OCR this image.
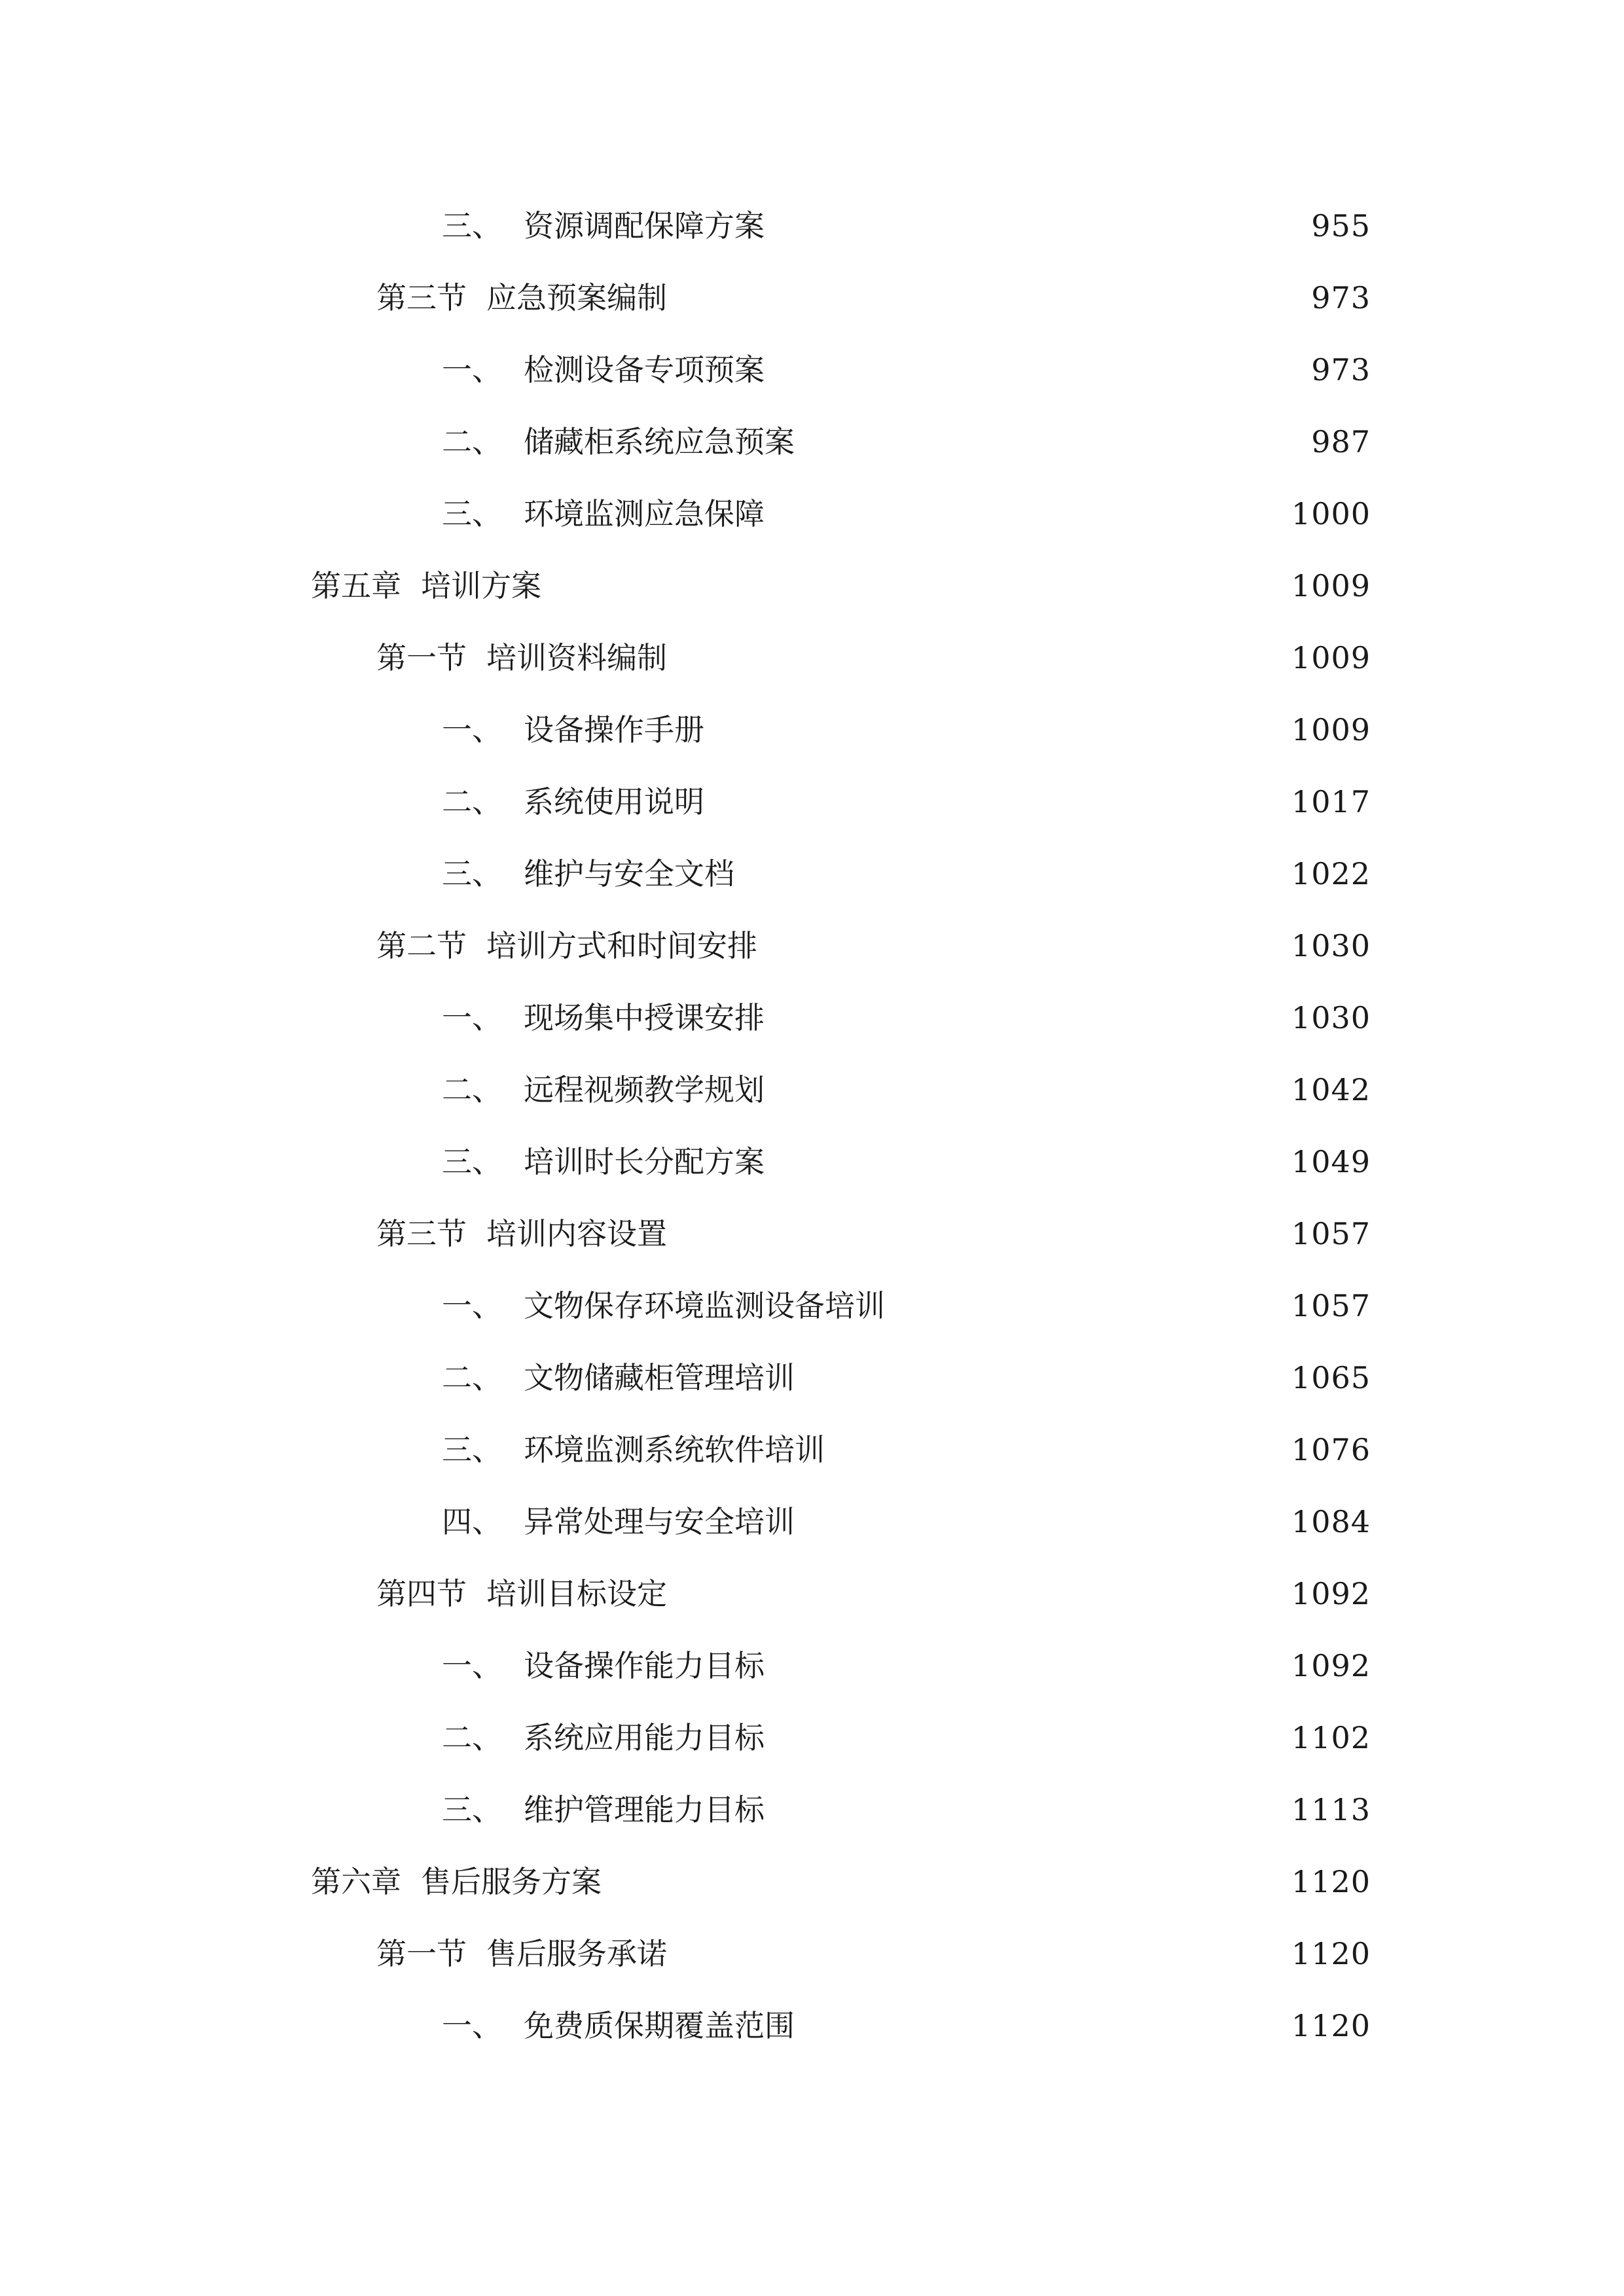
三、 资源调配保障方案	955
第三节 应急预案编制	973
一、 检测设备专项预案	973
二、 储藏柜系统应急预案	987
三、 环境监测应急保障	1000
第五章 培训方案	1009
第一节 培训资料编制	1009
一、 设备操作手册	1009
二、 系统使用说明	1017
三、 维护与安全文档	1022
第二节 培训方式和时间安排	1030
一、 现场集中授课安排	1030
二、 远程视频教学规划	1042
三、 培训时长分配方案	1049
第三节 培训内容设置	1057
一、 文物保存环境监测设备培训	1057
二、 文物储藏柜管理培训	1065
三、 环境监测系统软件培训	1076
四、 异常处理与安全培训	1084
第四节 培训目标设定	1092
一、 设备操作能力目标	1092
二、 系统应用能力目标	1102
三、 维护管理能力目标	1113
第六章 售后服务方案	1120
第一节 售后服务承诺	1120
一、 免费质保期覆盖范围	1120
